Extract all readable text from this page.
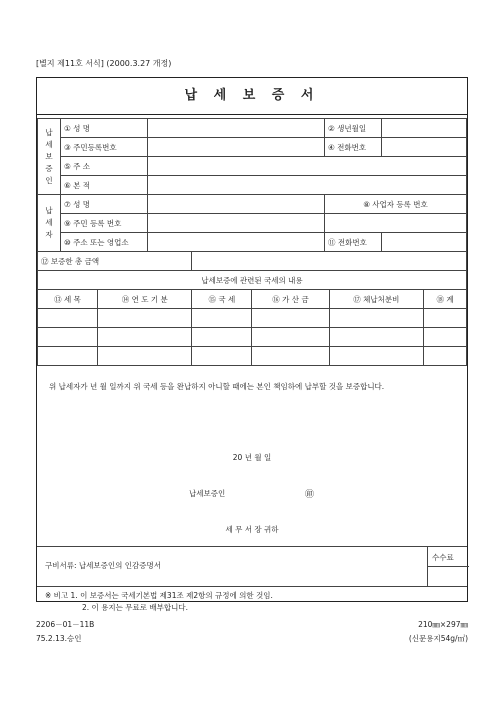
[별지 제11호 서식] (2000.3.27 개정)
납 세 보 증 서
납
세
보
증
인	① 성 명		② 생년월일	
	③ 주민등록번호		④ 전화번호	
	⑤ 주 소			
	⑥ 본 적			
납
세
자	⑦ 성 명		⑧ 사업자 등록 번호	
	⑨ 주민 등록 번호			
	⑩ 주소 또는 영업소		⑪ 전화번호	
⑫ 보증한 총 금액					
납세보증에 관련된 국세의 내용					
⑬ 세 목	⑭ 연 도 기 분	⑮ 국 세	⑯ 가 산 금	⑰ 체납처분비	⑱ 계

위 납세자가 년 월 일까지 위 국세 등을 완납하지 아니할 때에는 본인 책임하에 납부할 것을 보증합니다.
20 년 월 일
납세보증인	㊞
세 무 서 장 귀하
수수료
구비서류: 납세보증인의 인감증명서
※ 비고 1. 이 보증서는 국세기본법 제31조 제2항의 규정에 의한 것임.
2. 이 용지는 무료로 배부합니다.
2206－01－11B
75.2.13.승인
210㎜×297㎜
(신문용지54g/㎡)
